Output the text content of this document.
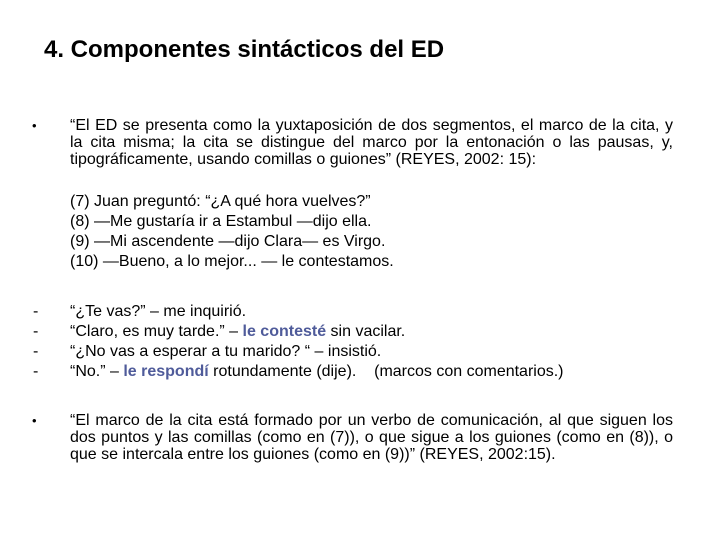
4. Componentes sintácticos del ED
• “El ED se presenta como la yuxtaposición de dos segmentos, el marco de la cita, y la cita misma; la cita se distingue del marco por la entonación o las pausas, y, tipográficamente, usando comillas o guiones” (REYES, 2002: 15):
(7) Juan preguntó: “¿A qué hora vuelves?”
(8) —Me gustaría ir a Estambul —dijo ella.
(9) —Mi ascendente —dijo Clara— es Virgo.
(10) —Bueno, a lo mejor... — le contestamos.
-
-
-
-
“¿Te vas?” – me inquirió.
“Claro, es muy tarde.” – le contesté sin vacilar.
“¿No vas a esperar a tu marido? “ – insistió.
“No.” – le respondí rotundamente (dije).    (marcos con comentarios.)
• “El marco de la cita está formado por un verbo de comunicación, al que siguen los dos puntos y las comillas (como en (7)), o que sigue a los guiones (como en (8)), o que se intercala entre los guiones (como en (9))” (REYES, 2002:15).
